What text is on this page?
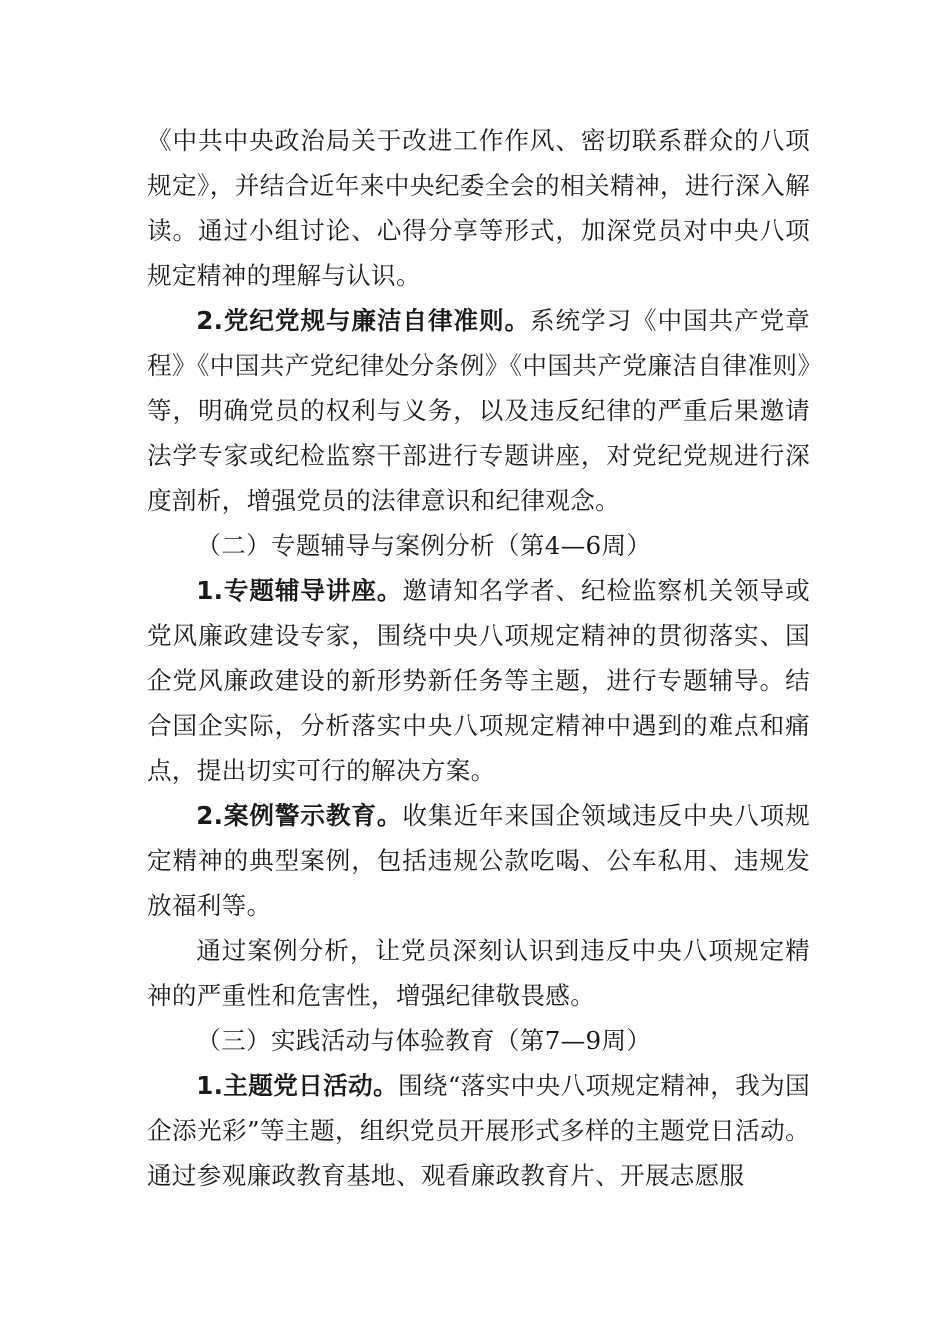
《中共中央政治局关于改进工作作风、密切联系群众的八项规定》，并结合近年来中央纪委全会的相关精神，进行深入解读。通过小组讨论、心得分享等形式，加深党员对中央八项规定精神的理解与认识。

2.党纪党规与廉洁自律准则。系统学习《中国共产党章程》《中国共产党纪律处分条例》《中国共产党廉洁自律准则》等，明确党员的权利与义务，以及违反纪律的严重后果邀请法学专家或纪检监察干部进行专题讲座，对党纪党规进行深度剖析，增强党员的法律意识和纪律观念。

（二）专题辅导与案例分析（第4—6周）

1.专题辅导讲座。邀请知名学者、纪检监察机关领导或党风廉政建设专家，围绕中央八项规定精神的贯彻落实、国企党风廉政建设的新形势新任务等主题，进行专题辅导。结合国企实际，分析落实中央八项规定精神中遇到的难点和痛点，提出切实可行的解决方案。

2.案例警示教育。收集近年来国企领域违反中央八项规定精神的典型案例，包括违规公款吃喝、公车私用、违规发放福利等。

通过案例分析，让党员深刻认识到违反中央八项规定精神的严重性和危害性，增强纪律敬畏感。

（三）实践活动与体验教育（第7—9周）

1.主题党日活动。围绕“落实中央八项规定精神，我为国企添光彩”等主题，组织党员开展形式多样的主题党日活动。通过参观廉政教育基地、观看廉政教育片、开展志愿服
